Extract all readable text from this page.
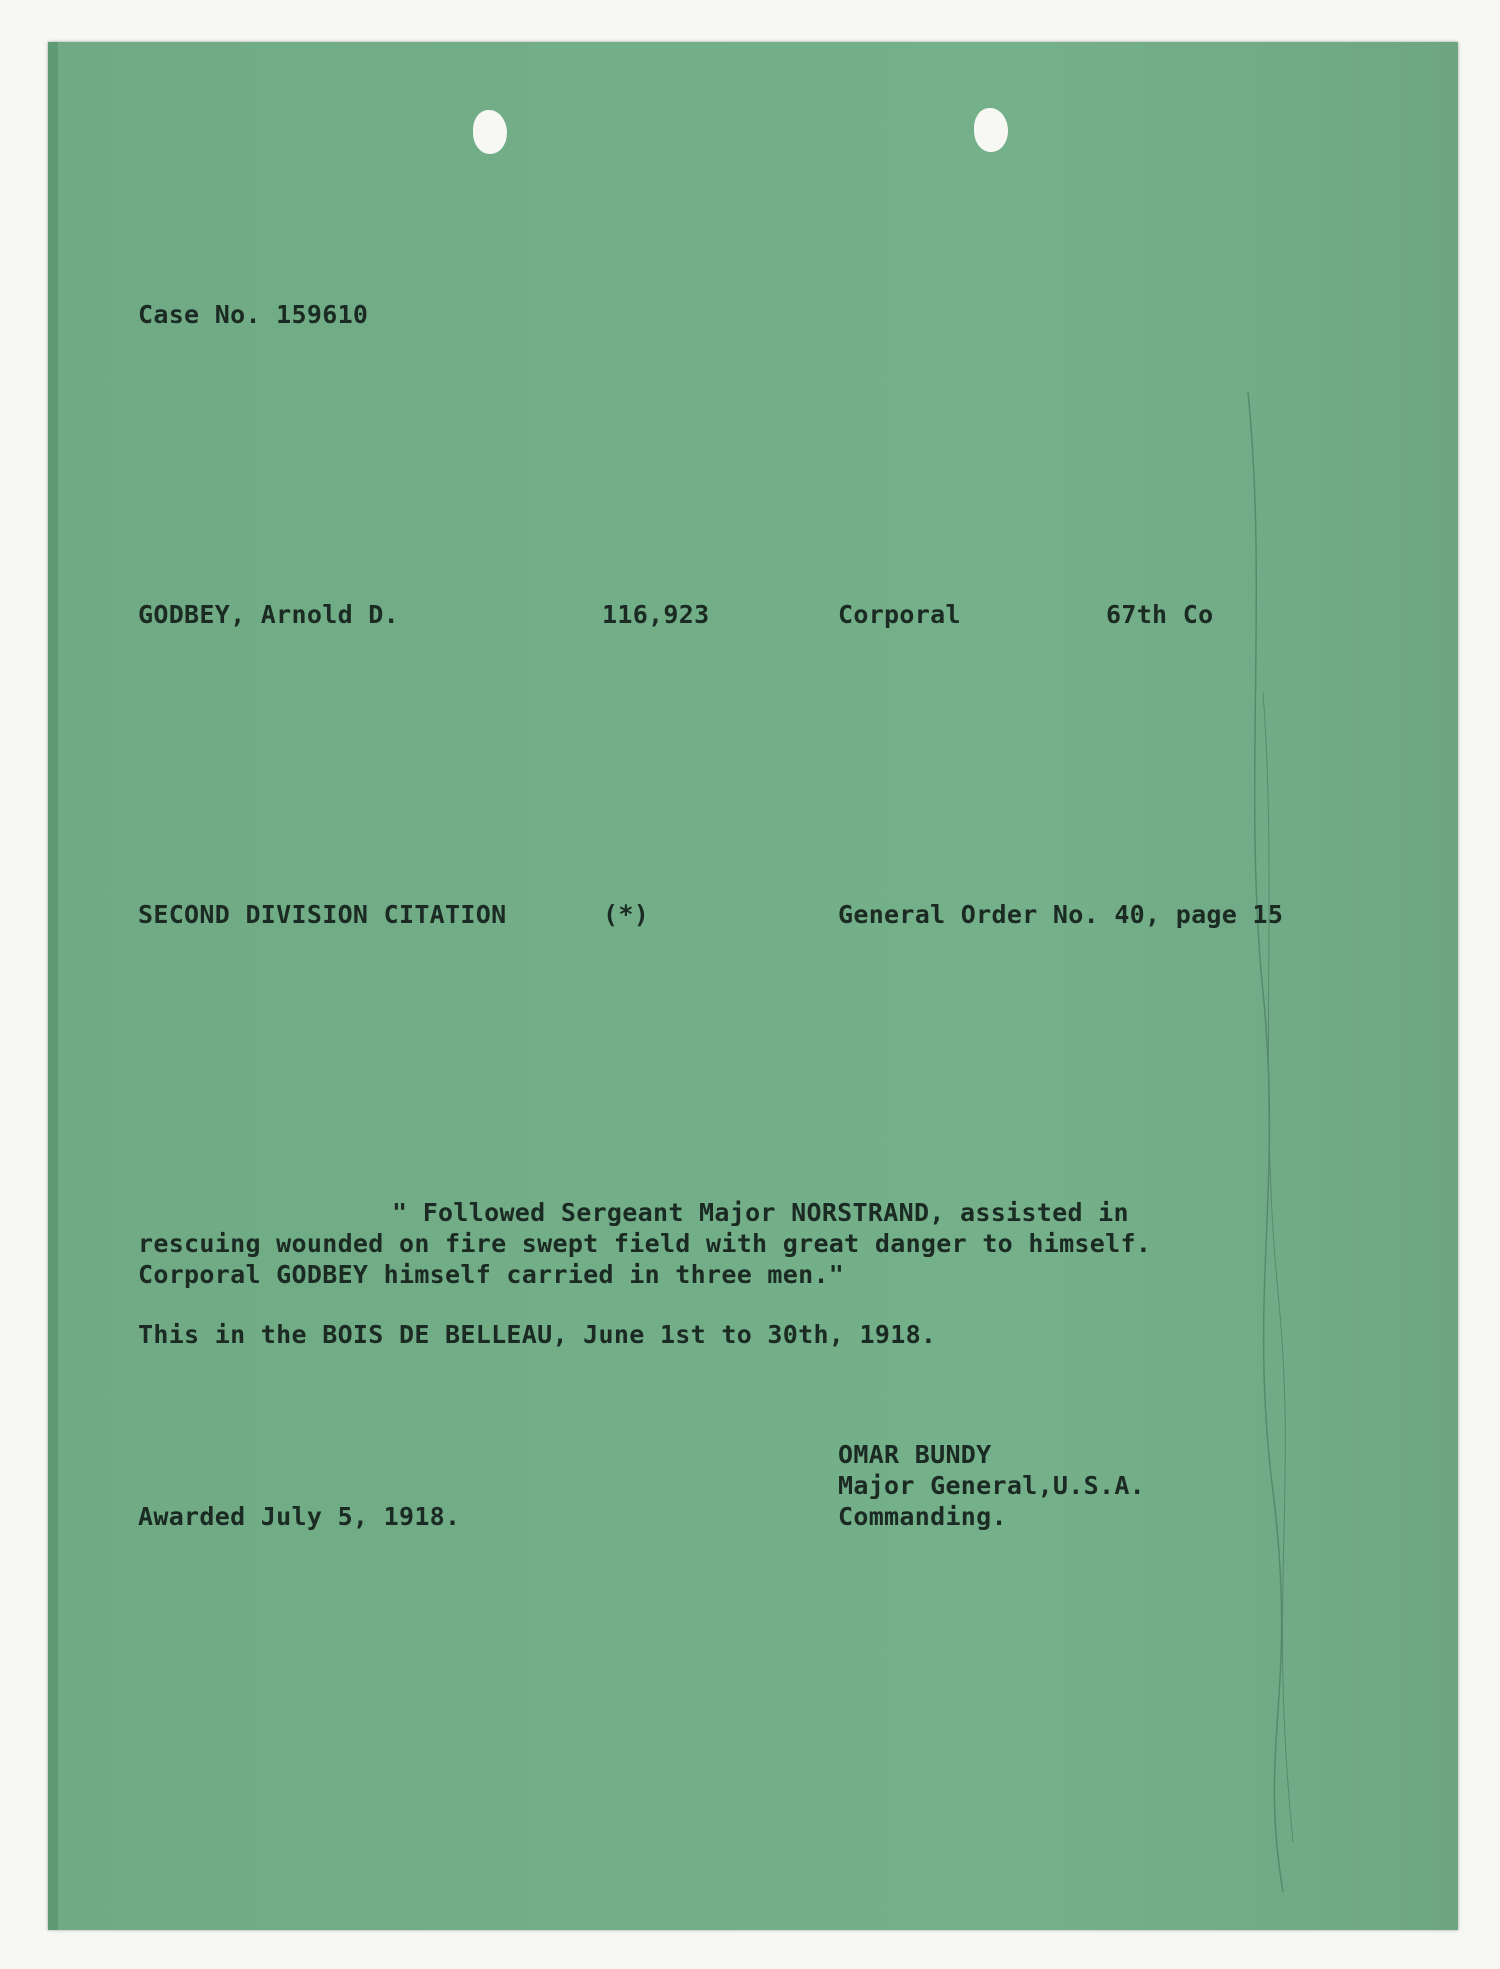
Case No. 159610
GODBEY, Arnold D.	116,923	Corporal	67th Co
SECOND DIVISION CITATION	(*)	General Order No. 40, page 15
" Followed Sergeant Major NORSTRAND, assisted in
rescuing wounded on fire swept field with great danger to himself.
Corporal GODBEY himself carried in three men."
This in the BOIS DE BELLEAU, June 1st to 30th, 1918.
OMAR BUNDY
Major General,U.S.A.
Awarded July 5, 1918.	Commanding.
